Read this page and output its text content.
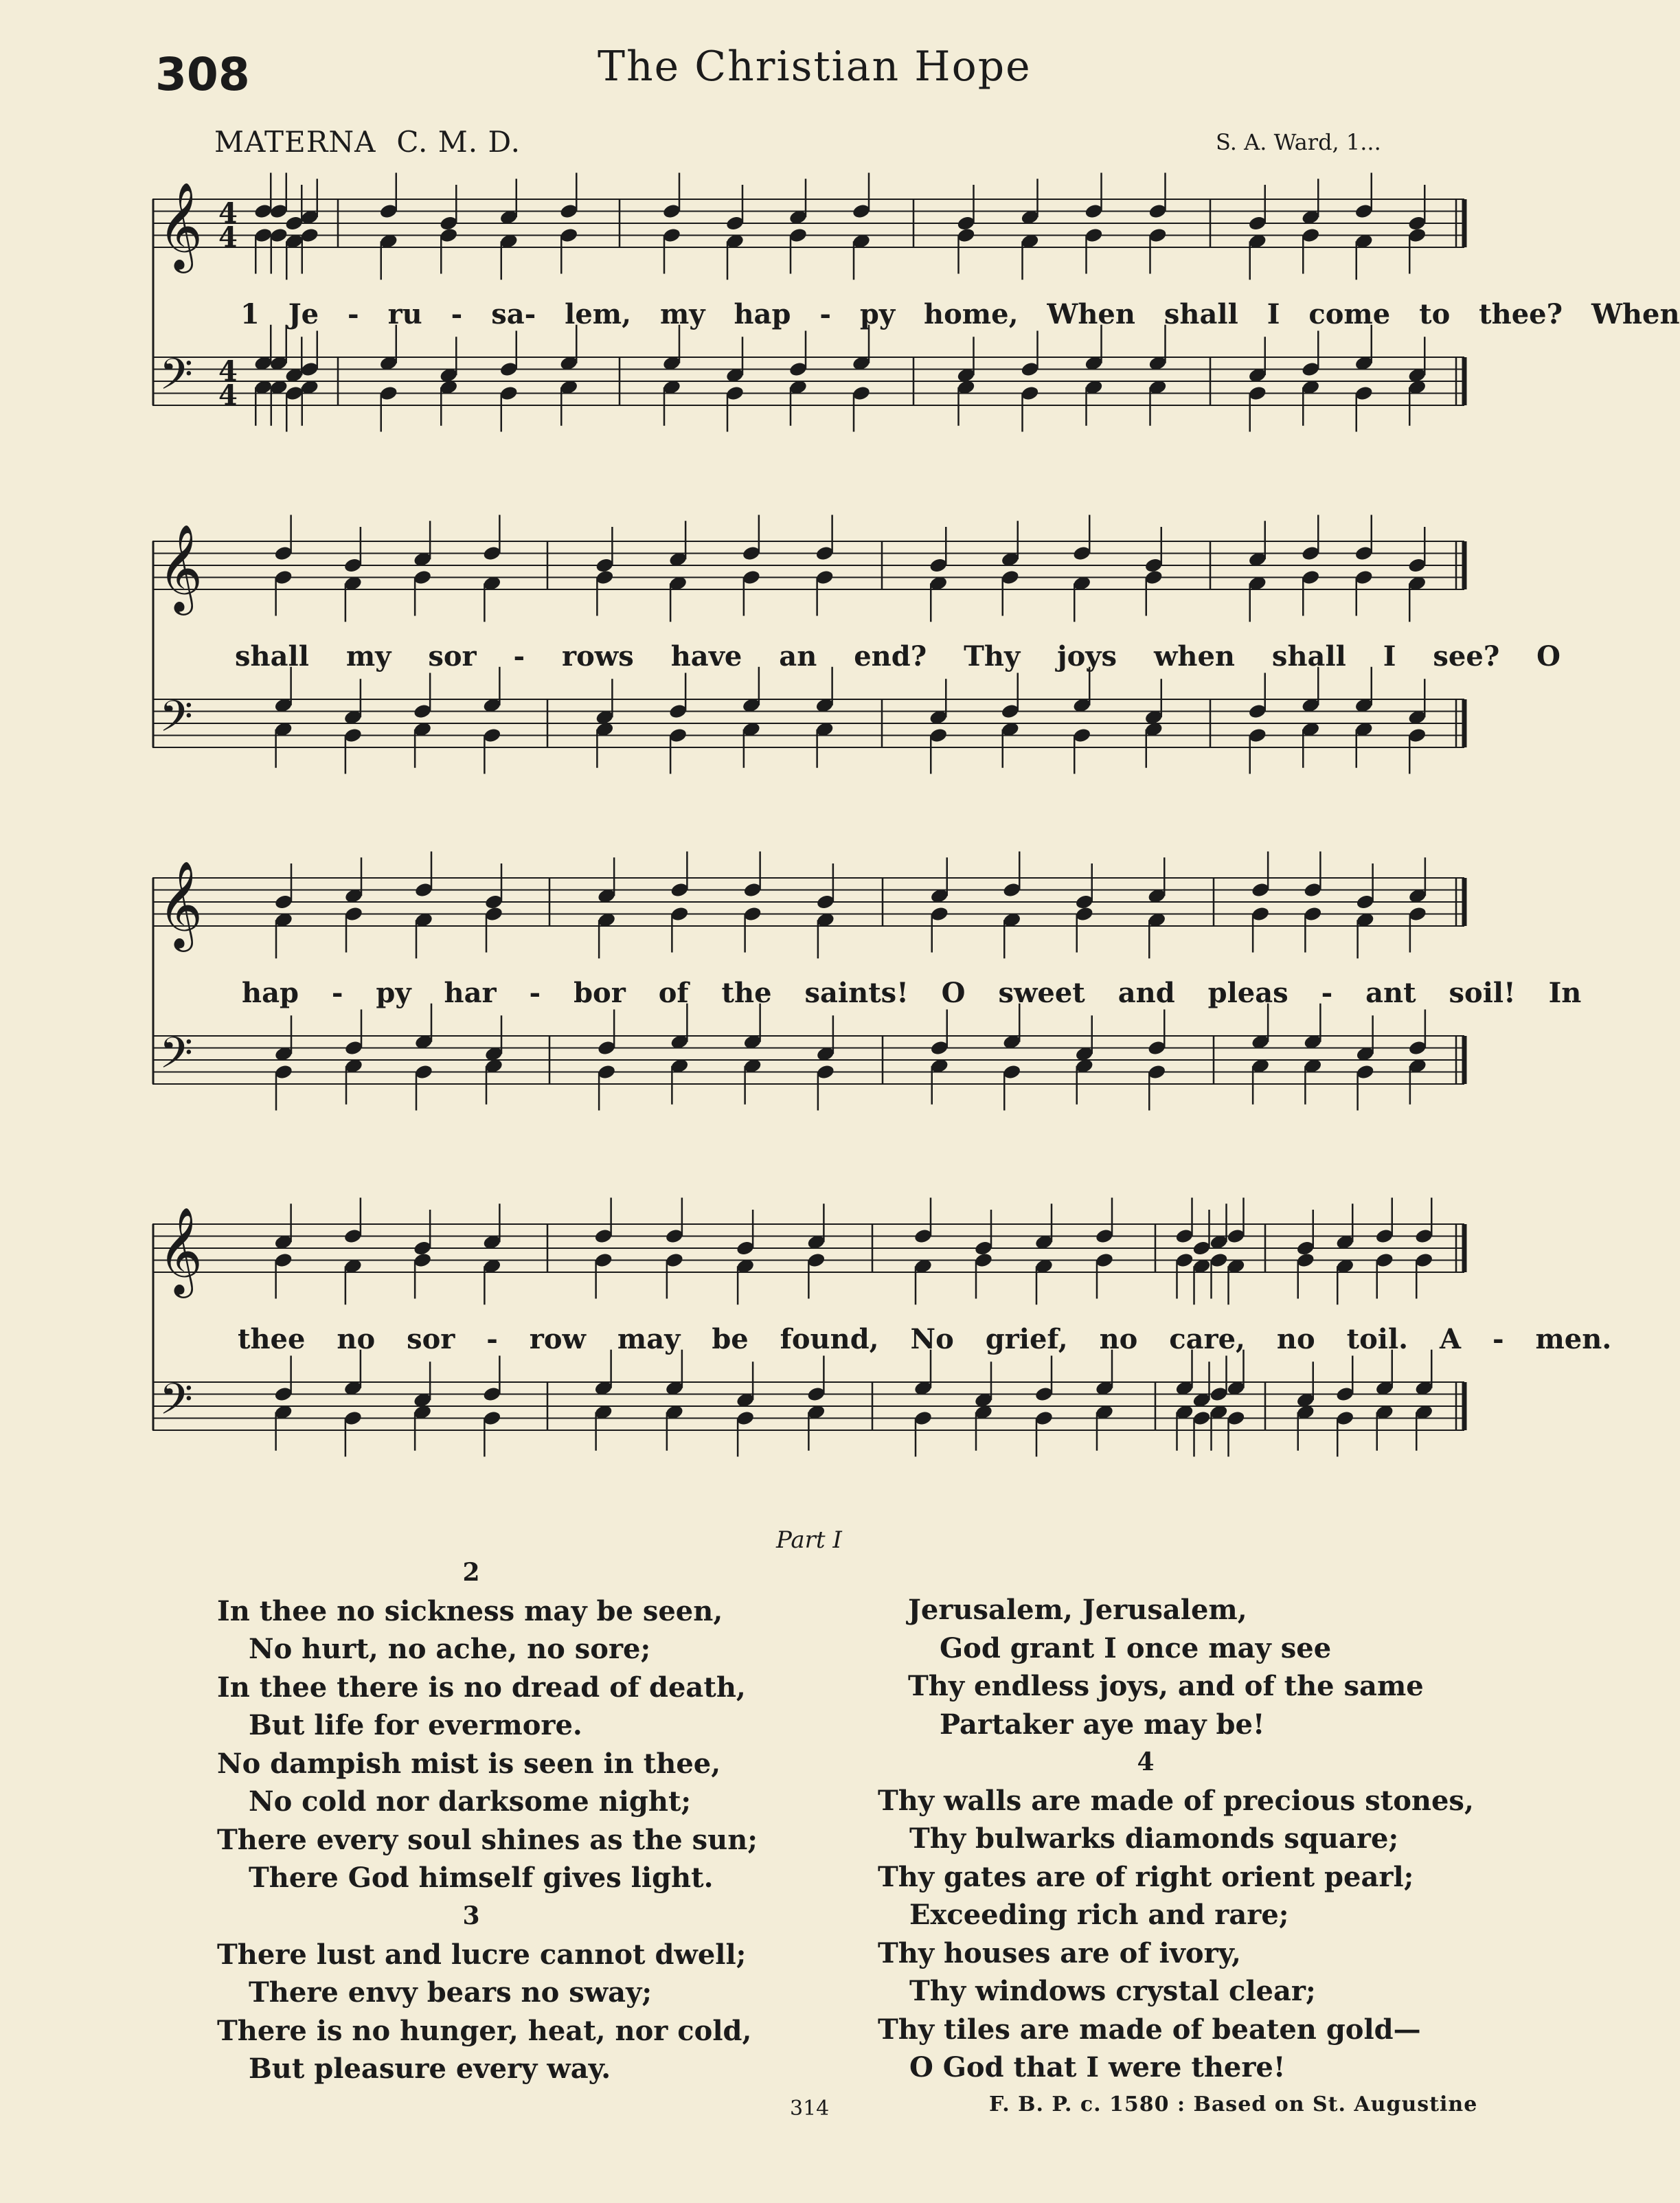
308	The Christian Hope
MATERNA C. M. D.	S. A. Ward, 1...
𝄞
𝄢
4
4
4
4
1 Je - ru - sa- lem, my hap - py home, When shall I come to thee? When
𝄞
𝄢
shall my sor - rows have an end? Thy joys when shall I see? O
𝄞
𝄢
hap - py har - bor of the saints! O sweet and pleas - ant soil! In
𝄞
𝄢
thee no sor - row may be found, No grief, no care, no toil. A - men.
Part I
2
In thee no sickness may be seen,
No hurt, no ache, no sore;
In thee there is no dread of death,
But life for evermore.
No dampish mist is seen in thee,
No cold nor darksome night;
There every soul shines as the sun;
There God himself gives light.
3
There lust and lucre cannot dwell;
There envy bears no sway;
There is no hunger, heat, nor cold,
But pleasure every way.
Jerusalem, Jerusalem,
God grant I once may see
Thy endless joys, and of the same
Partaker aye may be!
4
Thy walls are made of precious stones,
Thy bulwarks diamonds square;
Thy gates are of right orient pearl;
Exceeding rich and rare;
Thy houses are of ivory,
Thy windows crystal clear;
Thy tiles are made of beaten gold—
O God that I were there!
314	F. B. P. c. 1580 : Based on St. Augustine
